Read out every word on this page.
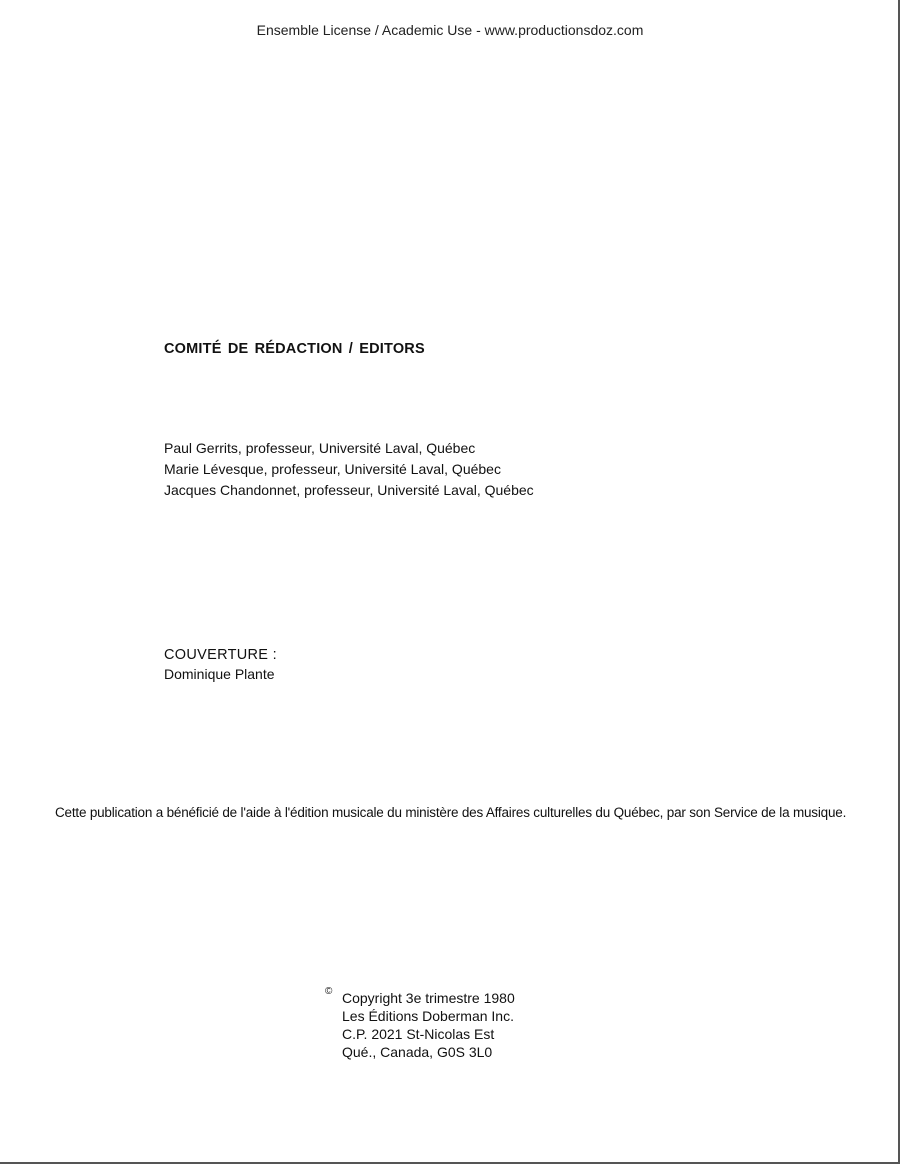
Ensemble License / Academic Use - www.productionsdoz.com
COMITÉ DE RÉDACTION / EDITORS
Paul Gerrits, professeur, Université Laval, Québec
Marie Lévesque, professeur, Université Laval, Québec
Jacques Chandonnet, professeur, Université Laval, Québec
COUVERTURE :
Dominique Plante
Cette publication a bénéficié de l'aide à l'édition musicale du ministère des Affaires culturelles du Québec, par son Service de la musique.
© Copyright 3e trimestre 1980
Les Éditions Doberman Inc.
C.P. 2021 St-Nicolas Est
Qué., Canada, G0S 3L0
